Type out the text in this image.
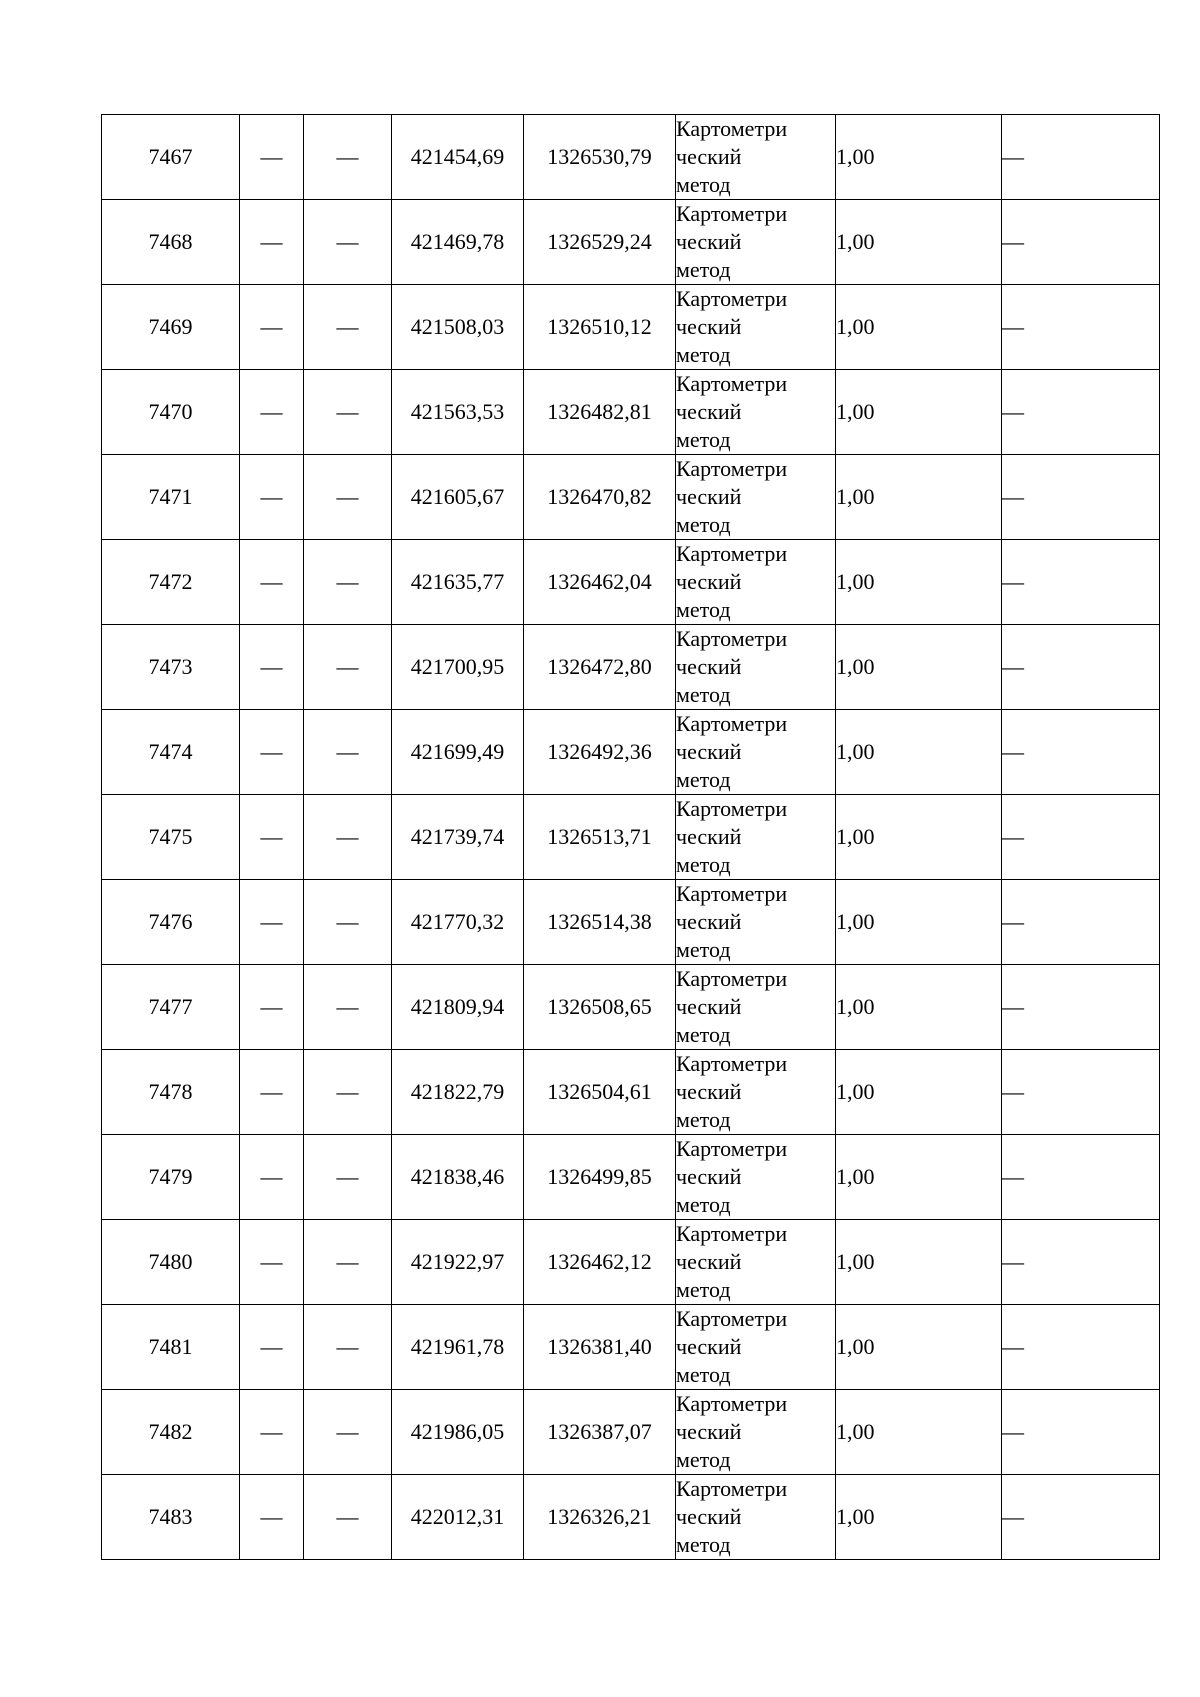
7467	—	—	421454,69	1326530,79	Картометри
ческий
метод	1,00	—
7468	—	—	421469,78	1326529,24	Картометри
ческий
метод	1,00	—
7469	—	—	421508,03	1326510,12	Картометри
ческий
метод	1,00	—
7470	—	—	421563,53	1326482,81	Картометри
ческий
метод	1,00	—
7471	—	—	421605,67	1326470,82	Картометри
ческий
метод	1,00	—
7472	—	—	421635,77	1326462,04	Картометри
ческий
метод	1,00	—
7473	—	—	421700,95	1326472,80	Картометри
ческий
метод	1,00	—
7474	—	—	421699,49	1326492,36	Картометри
ческий
метод	1,00	—
7475	—	—	421739,74	1326513,71	Картометри
ческий
метод	1,00	—
7476	—	—	421770,32	1326514,38	Картометри
ческий
метод	1,00	—
7477	—	—	421809,94	1326508,65	Картометри
ческий
метод	1,00	—
7478	—	—	421822,79	1326504,61	Картометри
ческий
метод	1,00	—
7479	—	—	421838,46	1326499,85	Картометри
ческий
метод	1,00	—
7480	—	—	421922,97	1326462,12	Картометри
ческий
метод	1,00	—
7481	—	—	421961,78	1326381,40	Картометри
ческий
метод	1,00	—
7482	—	—	421986,05	1326387,07	Картометри
ческий
метод	1,00	—
7483	—	—	422012,31	1326326,21	Картометри
ческий
метод	1,00	—
